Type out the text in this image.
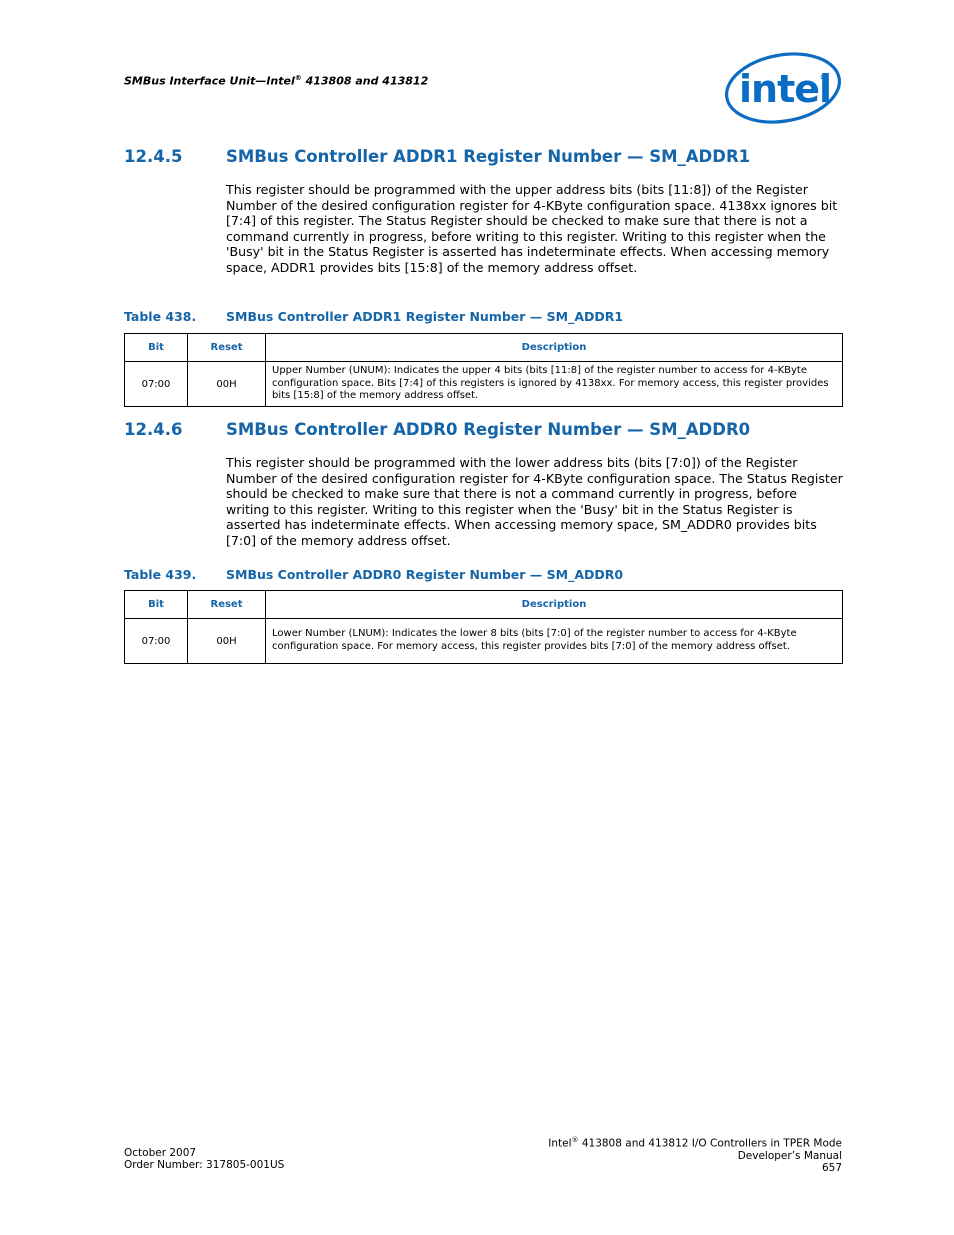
SMBus Interface Unit—Intel® 413808 and 413812	intel
12.4.5	SMBus Controller ADDR1 Register Number — SM_ADDR1

This register should be programmed with the upper address bits (bits [11:8]) of the Register Number of the desired configuration register for 4-KByte configuration space. 4138xx ignores bit [7:4] of this register. The Status Register should be checked to make sure that there is not a command currently in progress, before writing to this register. Writing to this register when the 'Busy' bit in the Status Register is asserted has indeterminate effects. When accessing memory space, ADDR1 provides bits [15:8] of the memory address offset.

Table 438. SMBus Controller ADDR1 Register Number — SM_ADDR1
Bit	Reset	Description
07:00	00H	Upper Number (UNUM): Indicates the upper 4 bits (bits [11:8] of the register number to access for 4-KByte configuration space. Bits [7:4] of this registers is ignored by 4138xx. For memory access, this register provides bits [15:8] of the memory address offset.
12.4.6	SMBus Controller ADDR0 Register Number — SM_ADDR0

This register should be programmed with the lower address bits (bits [7:0]) of the Register Number of the desired configuration register for 4-KByte configuration space. The Status Register should be checked to make sure that there is not a command currently in progress, before writing to this register. Writing to this register when the 'Busy' bit in the Status Register is asserted has indeterminate effects. When accessing memory space, SM_ADDR0 provides bits [7:0] of the memory address offset.

Table 439. SMBus Controller ADDR0 Register Number — SM_ADDR0
Bit	Reset	Description
07:00	00H	Lower Number (LNUM): Indicates the lower 8 bits (bits [7:0] of the register number to access for 4-KByte configuration space. For memory access, this register provides bits [7:0] of the memory address offset.
October 2007
Order Number: 317805-001US
Intel® 413808 and 413812 I/O Controllers in TPER Mode
Developer’s Manual
657
